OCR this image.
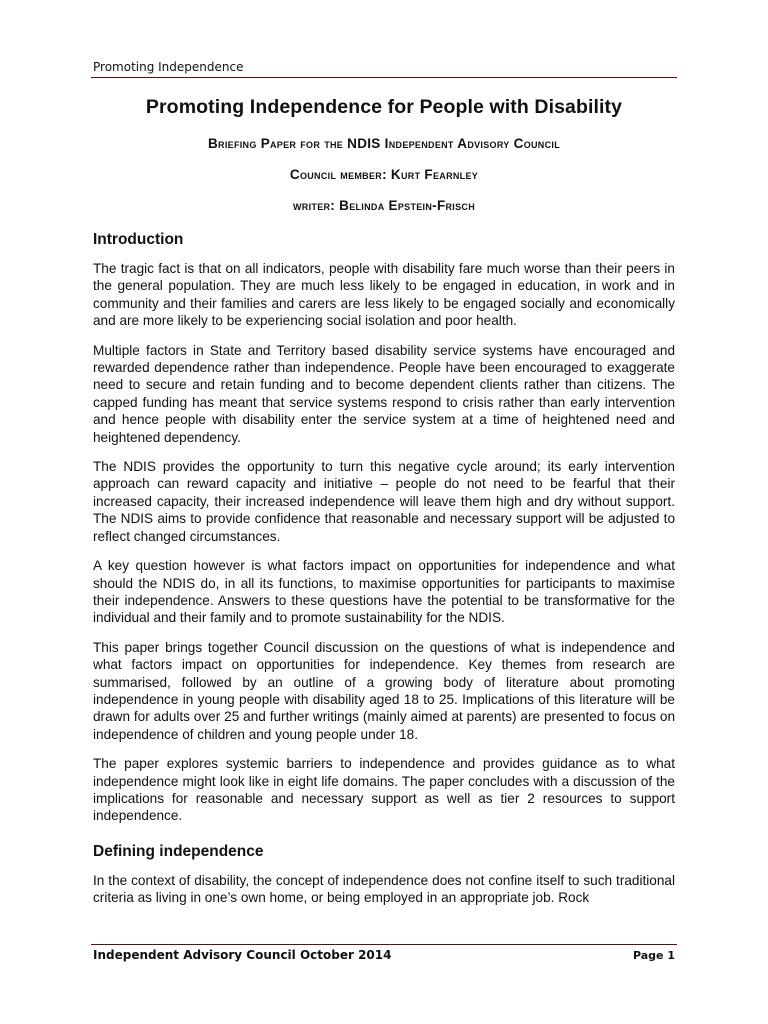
Promoting Independence
Promoting Independence for People with Disability
Briefing Paper for the NDIS Independent Advisory Council
Council member: Kurt Fearnley
writer: Belinda Epstein-Frisch
Introduction

The tragic fact is that on all indicators, people with disability fare much worse than their peers in the general population. They are much less likely to be engaged in education, in work and in community and their families and carers are less likely to be engaged socially and economically and are more likely to be experiencing social isolation and poor health.

Multiple factors in State and Territory based disability service systems have encouraged and rewarded dependence rather than independence. People have been encouraged to exaggerate need to secure and retain funding and to become dependent clients rather than citizens. The capped funding has meant that service systems respond to crisis rather than early intervention and hence people with disability enter the service system at a time of heightened need and heightened dependency.

The NDIS provides the opportunity to turn this negative cycle around; its early intervention approach can reward capacity and initiative – people do not need to be fearful that their increased capacity, their increased independence will leave them high and dry without support. The NDIS aims to provide confidence that reasonable and necessary support will be adjusted to reflect changed circumstances.

A key question however is what factors impact on opportunities for independence and what should the NDIS do, in all its functions, to maximise opportunities for participants to maximise their independence. Answers to these questions have the potential to be transformative for the individual and their family and to promote sustainability for the NDIS.

This paper brings together Council discussion on the questions of what is independence and what factors impact on opportunities for independence. Key themes from research are summarised, followed by an outline of a growing body of literature about promoting independence in young people with disability aged 18 to 25. Implications of this literature will be drawn for adults over 25 and further writings (mainly aimed at parents) are presented to focus on independence of children and young people under 18.

The paper explores systemic barriers to independence and provides guidance as to what independence might look like in eight life domains. The paper concludes with a discussion of the implications for reasonable and necessary support as well as tier 2 resources to support independence.

Defining independence

In the context of disability, the concept of independence does not confine itself to such traditional criteria as living in one’s own home, or being employed in an appropriate job. Rock

Independent Advisory Council October 2014	Page 1
